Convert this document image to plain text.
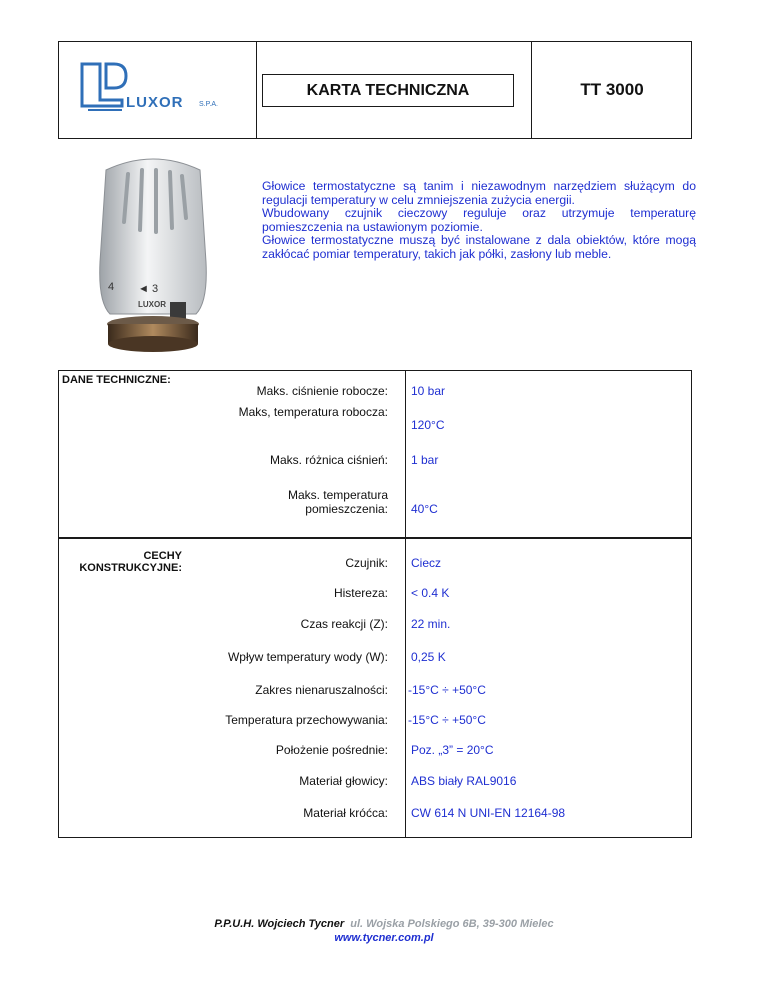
LUXOR S.P.A.
KARTA TECHNICZNA	TT 3000
◄ 3
4
LUXOR

Głowice termostatyczne są tanim i niezawodnym narzędziem służącym do regulacji temperatury w celu zmniejszenia zużycia energii.

Wbudowany czujnik cieczowy reguluje oraz utrzymuje temperaturę pomieszczenia na ustawionym poziomie.

Głowice termostatyczne muszą być instalowane z dala obiektów, które mogą zakłócać pomiar temperatury, takich jak półki, zasłony lub meble.

DANE TECHNICZNE:
Maks. ciśnienie robocze: 10 bar
Maks, temperatura robocza:
120°C
Maks. różnica ciśnień: 1 bar
Maks. temperatura pomieszczenia: 40°C
CECHY KONSTRUKCYJNE:	Czujnik: Ciecz
Histereza: < 0.4 K
Czas reakcji (Z): 22 min.
Wpływ temperatury wody (W): 0,25 K
Zakres nienaruszalności: -15°C ÷ +50°C
Temperatura przechowywania: -15°C ÷ +50°C
Położenie pośrednie: Poz. „3” = 20°C
Materiał głowicy: ABS biały RAL9016
Materiał króćca: CW 614 N UNI-EN 12164-98
P.P.U.H. Wojciech Tycner ul. Wojska Polskiego 6B, 39-300 Mielec
www.tycner.com.pl
